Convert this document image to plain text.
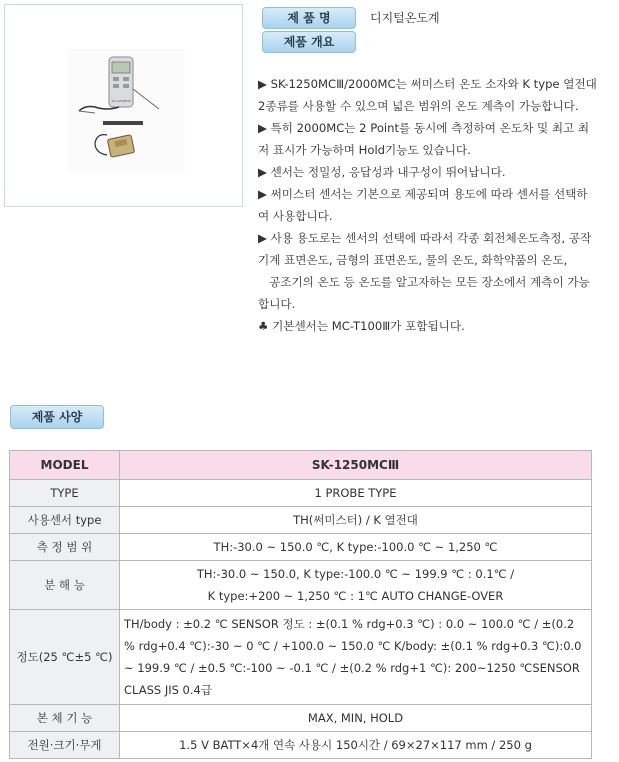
SK-1250MCⅢ
제 품 명	디지털온도계
제품 개요

▶ SK-1250MCⅢ/2000MC는 써미스터 온도 소자와 K type 열전대 2종류를 사용할 수 있으며 넓은 범위의 온도 계측이 가능합니다.

▶ 특히 2000MC는 2 Point를 동시에 측정하여 온도차 및 최고 최저 표시가 가능하며 Hold기능도 있습니다.

▶ 센서는 정밀성, 응답성과 내구성이 뛰어납니다.

▶ 써미스터 센서는 기본으로 제공되며 용도에 따라 센서를 선택하여 사용합니다.

▶ 사용 용도로는 센서의 선택에 따라서 각종 회전체온도측정, 공작기계 표면온도, 금형의 표면온도, 물의 온도, 화학약품의 온도,

공조기의 온도 등 온도를 알고자하는 모든 장소에서 계측이 가능합니다.

♣ 기본센서는 MC-T100Ⅲ가 포함됩니다.

제품 사양
MODEL	SK-1250MCⅢ
TYPE	1 PROBE TYPE
사용센서 type	TH(써미스터) / K 열전대
측 정 범 위	TH:-30.0 ~ 150.0 ℃, K type:-100.0 ℃ ~ 1,250 ℃
분 해 능	TH:-30.0 ~ 150.0, K type:-100.0 ℃ ~ 199.9 ℃ : 0.1℃ /
K type:+200 ~ 1,250 ℃ : 1℃ AUTO CHANGE-OVER

정도(25 ℃±5 ℃)	TH/body : ±0.2 ℃ SENSOR 정도 : ±(0.1 % rdg+0.3 ℃) : 0.0 ~ 100.0 ℃ / ±(0.2 % rdg+0.4 ℃):-30 ~ 0 ℃ / +100.0 ~ 150.0 ℃ K/body: ±(0.1 % rdg+0.3 ℃):0.0 ~ 199.9 ℃ / ±0.5 ℃:-100 ~ -0.1 ℃ / ±(0.2 % rdg+1 ℃): 200~1250 ℃SENSOR CLASS JIS 0.4급
본 체 기 능	MAX, MIN, HOLD
전원·크기·무게	1.5 V BATT×4개 연속 사용시 150시간 / 69×27×117 mm / 250 g
